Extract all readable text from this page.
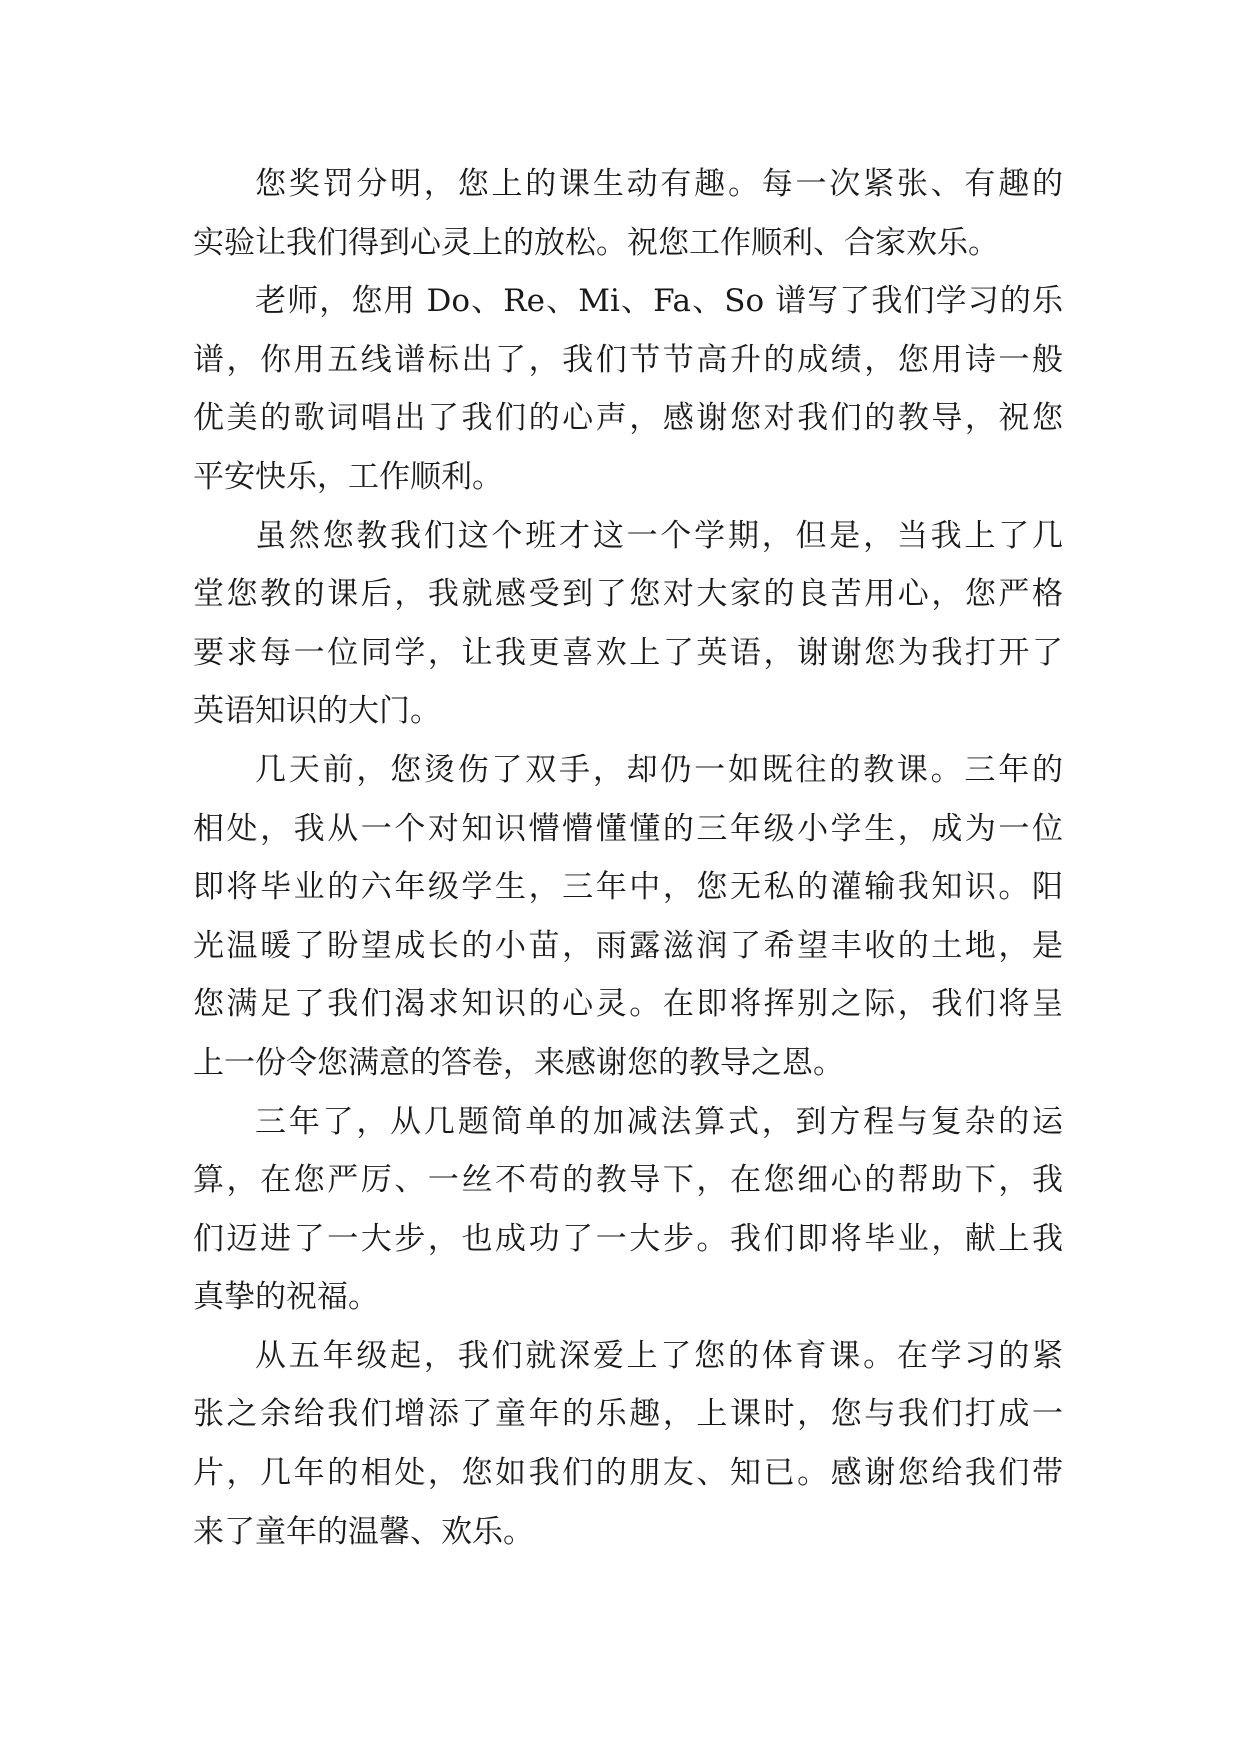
您奖罚分明，您上的课生动有趣。每一次紧张、有趣的
实验让我们得到心灵上的放松。祝您工作顺利、合家欢乐。
老师，您用 Do、Re、Mi、Fa、So 谱写了我们学习的乐
谱，你用五线谱标出了，我们节节高升的成绩，您用诗一般
优美的歌词唱出了我们的心声，感谢您对我们的教导，祝您
平安快乐，工作顺利。
虽然您教我们这个班才这一个学期，但是，当我上了几
堂您教的课后，我就感受到了您对大家的良苦用心，您严格
要求每一位同学，让我更喜欢上了英语，谢谢您为我打开了
英语知识的大门。
几天前，您烫伤了双手，却仍一如既往的教课。三年的
相处，我从一个对知识懵懵懂懂的三年级小学生，成为一位
即将毕业的六年级学生，三年中，您无私的灌输我知识。阳
光温暖了盼望成长的小苗，雨露滋润了希望丰收的土地，是
您满足了我们渴求知识的心灵。在即将挥别之际，我们将呈
上一份令您满意的答卷，来感谢您的教导之恩。
三年了，从几题简单的加减法算式，到方程与复杂的运
算，在您严厉、一丝不苟的教导下，在您细心的帮助下，我
们迈进了一大步，也成功了一大步。我们即将毕业，献上我
真挚的祝福。
从五年级起，我们就深爱上了您的体育课。在学习的紧
张之余给我们增添了童年的乐趣，上课时，您与我们打成一
片，几年的相处，您如我们的朋友、知已。感谢您给我们带
来了童年的温馨、欢乐。
